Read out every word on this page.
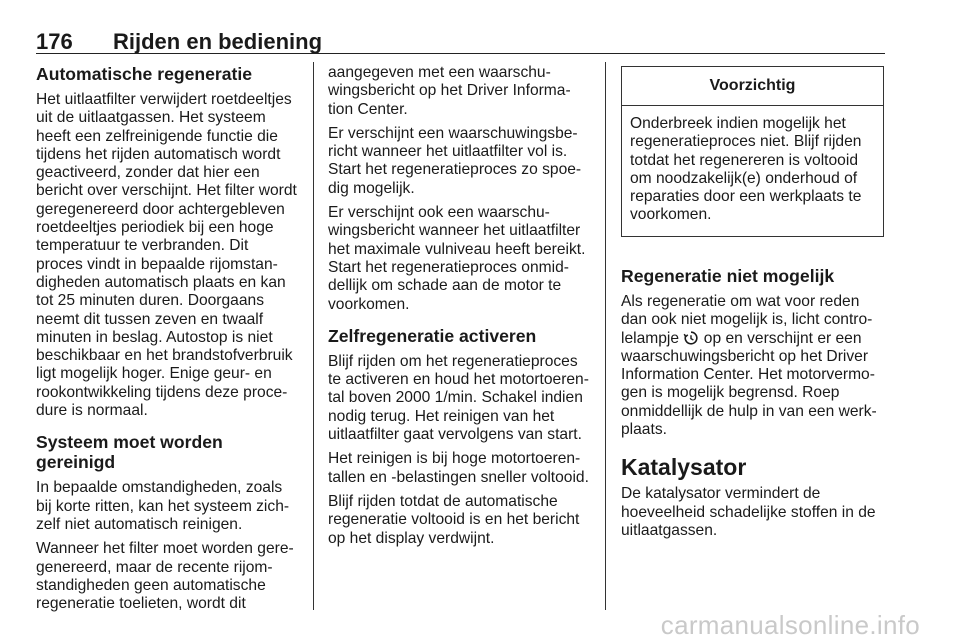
176 Rijden en bediening
Automatische regeneratie

Het uitlaatfilter verwijdert roetdeeltjes
uit de uitlaatgassen. Het systeem
heeft een zelfreinigende functie die
tijdens het rijden automatisch wordt
geactiveerd, zonder dat hier een
bericht over verschijnt. Het filter wordt
geregenereerd door achtergebleven
roetdeeltjes periodiek bij een hoge
temperatuur te verbranden. Dit
proces vindt in bepaalde rijomstan-
digheden automatisch plaats en kan
tot 25 minuten duren. Doorgaans
neemt dit tussen zeven en twaalf
minuten in beslag. Autostop is niet
beschikbaar en het brandstofverbruik
ligt mogelijk hoger. Enige geur- en
rookontwikkeling tijdens deze proce-
dure is normaal.

Systeem moet worden gereinigd

In bepaalde omstandigheden, zoals
bij korte ritten, kan het systeem zich-
zelf niet automatisch reinigen.

Wanneer het filter moet worden gere-
genereerd, maar de recente rijom-
standigheden geen automatische
regeneratie toelieten, wordt dit

aangegeven met een waarschu-
wingsbericht op het Driver Informa-
tion Center.

Er verschijnt een waarschuwingsbe-
richt wanneer het uitlaatfilter vol is.
Start het regeneratieproces zo spoe-
dig mogelijk.

Er verschijnt ook een waarschu-
wingsbericht wanneer het uitlaatfilter
het maximale vulniveau heeft bereikt.
Start het regeneratieproces onmid-
dellijk om schade aan de motor te
voorkomen.

Zelfregeneratie activeren

Blijf rijden om het regeneratieproces
te activeren en houd het motortoeren-
tal boven 2000 1/min. Schakel indien
nodig terug. Het reinigen van het
uitlaatfilter gaat vervolgens van start.

Het reinigen is bij hoge motortoeren-
tallen en -belastingen sneller voltooid.

Blijf rijden totdat de automatische
regeneratie voltooid is en het bericht
op het display verdwijnt.

Voorzichtig
Onderbreek indien mogelijk het
regeneratieproces niet. Blijf rijden
totdat het regenereren is voltooid
om noodzakelijk(e) onderhoud of
reparaties door een werkplaats te
voorkomen.
Regeneratie niet mogelijk

Als regeneratie om wat voor reden
dan ook niet mogelijk is, licht contro-
lelampje op en verschijnt er een
waarschuwingsbericht op het Driver
Information Center. Het motorvermo-
gen is mogelijk begrensd. Roep
onmiddellijk de hulp in van een werk-
plaats.

Katalysator

De katalysator vermindert de
hoeveelheid schadelijke stoffen in de
uitlaatgassen.

carmanualsonline.info
